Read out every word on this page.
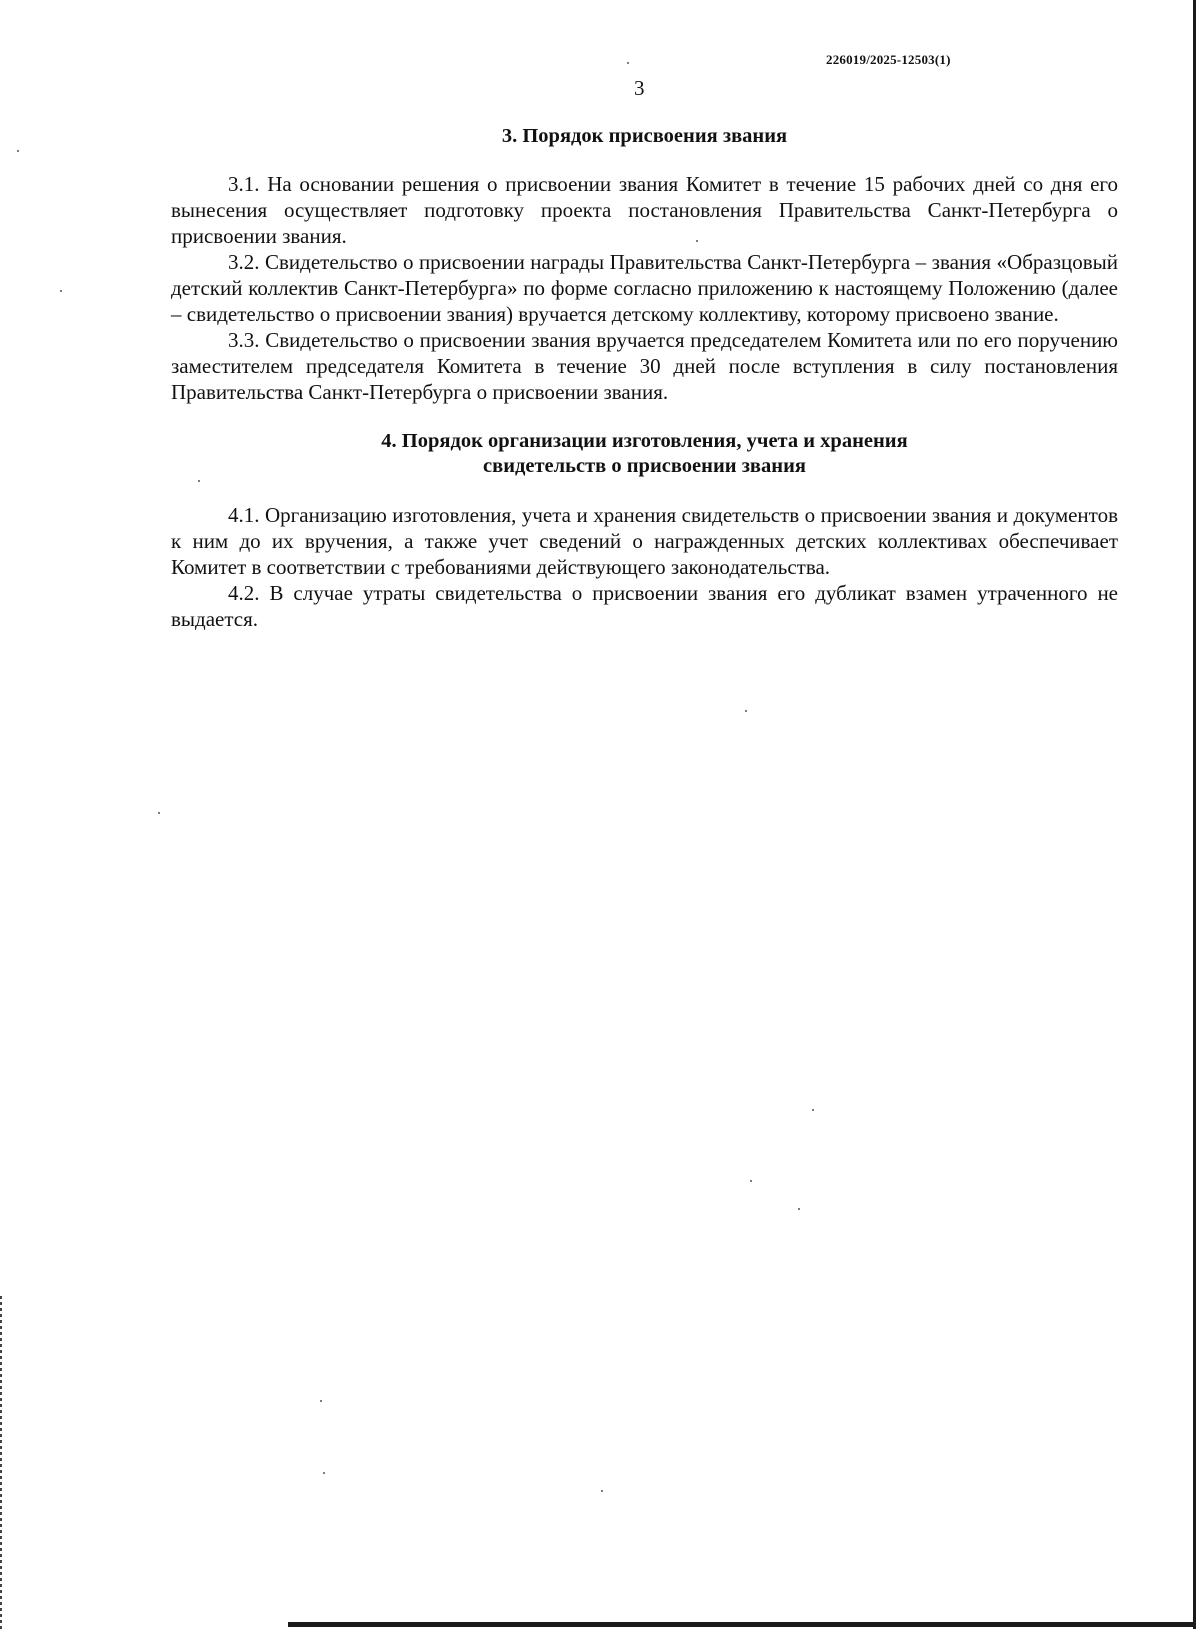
226019/2025-12503(1)
3
3. Порядок присвоения звания

3.1. На основании решения о присвоении звания Комитет в течение 15 рабочих дней со дня его вынесения осуществляет подготовку проекта постановления Правительства Санкт-Петербурга о присвоении звания.

3.2. Свидетельство о присвоении награды Правительства Санкт-Петербурга – звания «Образцовый детский коллектив Санкт-Петербурга» по форме согласно приложению к настоящему Положению (далее – свидетельство о присвоении звания) вручается детскому коллективу, которому присвоено звание.

3.3. Свидетельство о присвоении звания вручается председателем Комитета или по его поручению заместителем председателя Комитета в течение 30 дней после вступления в силу постановления Правительства Санкт-Петербурга о присвоении звания.

4. Порядок организации изготовления, учета и хранения
свидетельств о присвоении звания

4.1. Организацию изготовления, учета и хранения свидетельств о присвоении звания и документов к ним до их вручения, а также учет сведений о награжденных детских коллективах обеспечивает Комитет в соответствии с требованиями действующего законодательства.

4.2. В случае утраты свидетельства о присвоении звания его дубликат взамен утраченного не выдается.
